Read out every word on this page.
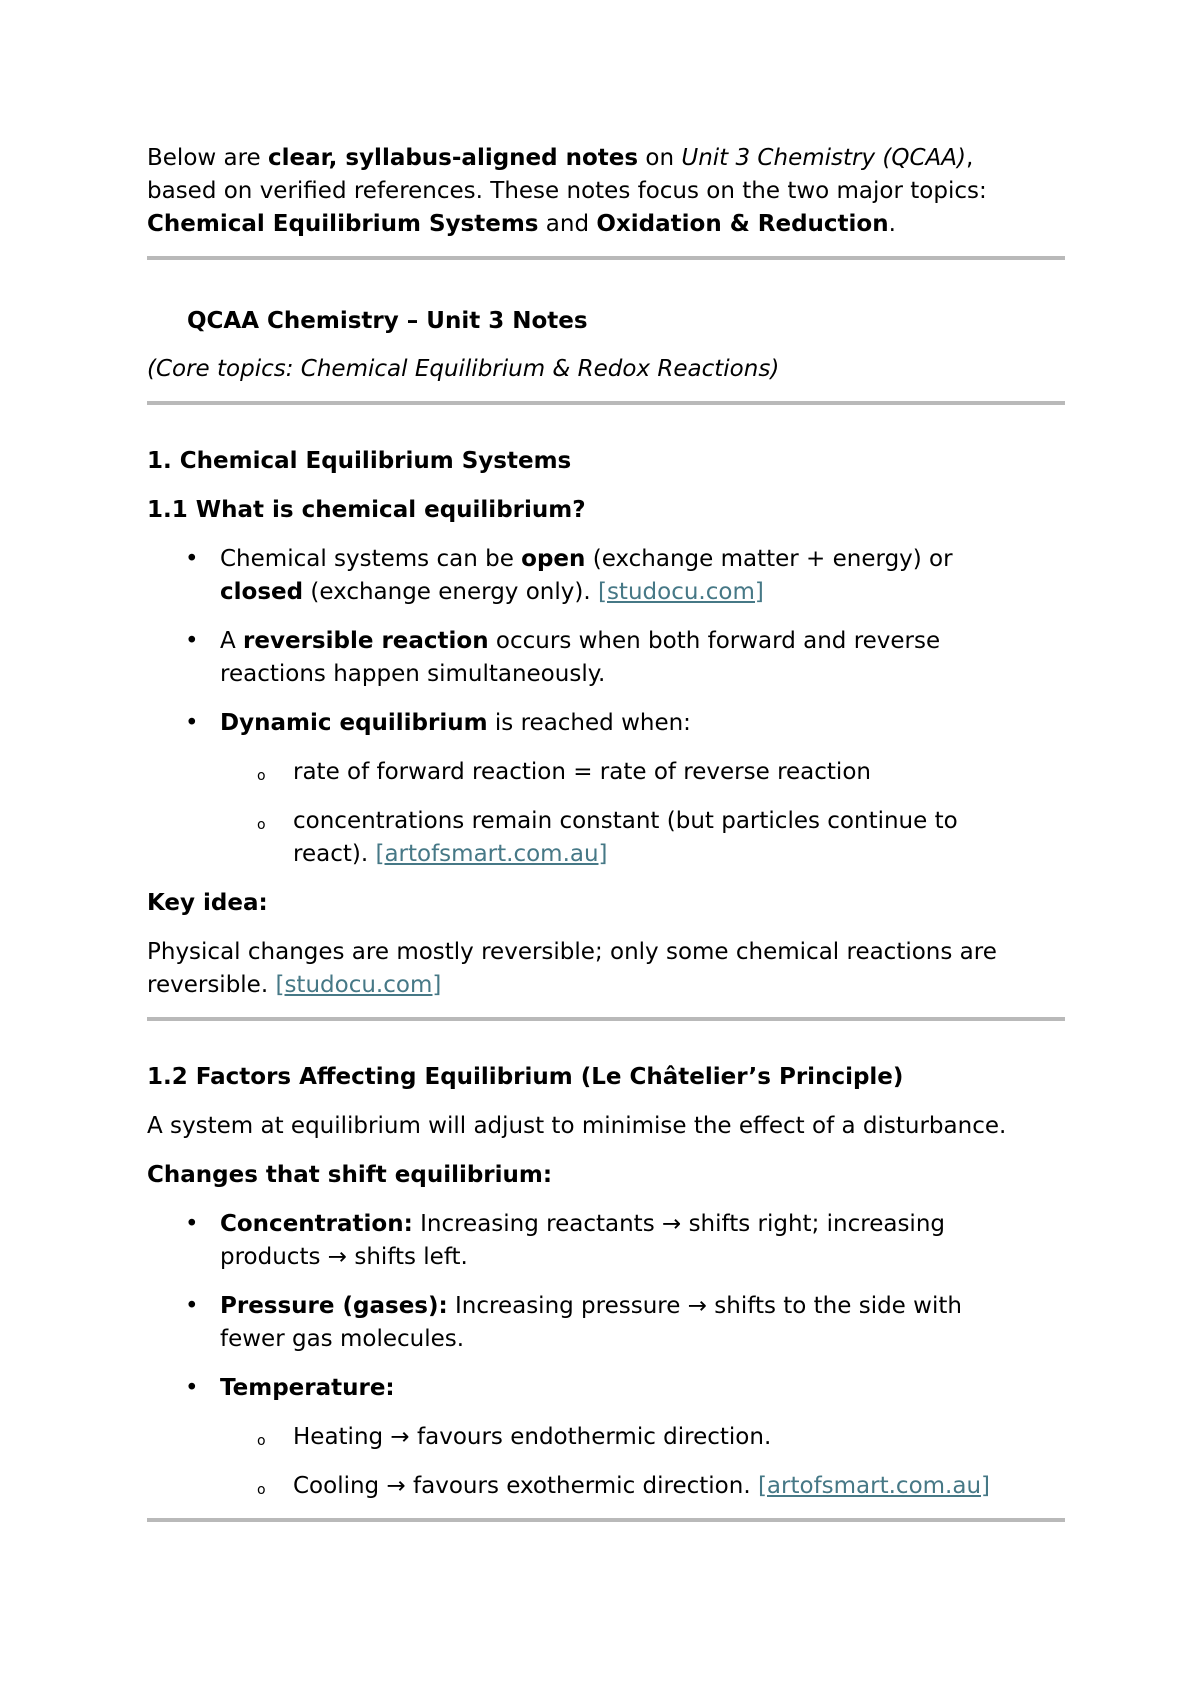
Below are clear, syllabus-aligned notes on Unit 3 Chemistry (QCAA),

based on verified references. These notes focus on the two major topics:

Chemical Equilibrium Systems and Oxidation & Reduction.

QCAA Chemistry – Unit 3 Notes

(Core topics: Chemical Equilibrium & Redox Reactions)

1. Chemical Equilibrium Systems

1.1 What is chemical equilibrium?

• Chemical systems can be open (exchange matter + energy) or
closed (exchange energy only). [studocu.com]
• A reversible reaction occurs when both forward and reverse
reactions happen simultaneously.
• Dynamic equilibrium is reached when:
o rate of forward reaction = rate of reverse reaction
o concentrations remain constant (but particles continue to
react). [artofsmart.com.au]

Key idea:

Physical changes are mostly reversible; only some chemical reactions are
reversible. [studocu.com]

1.2 Factors Affecting Equilibrium (Le Châtelier’s Principle)

A system at equilibrium will adjust to minimise the effect of a disturbance.

Changes that shift equilibrium:

• Concentration: Increasing reactants → shifts right; increasing
products → shifts left.
• Pressure (gases): Increasing pressure → shifts to the side with
fewer gas molecules.
• Temperature:
o Heating → favours endothermic direction.
o Cooling → favours exothermic direction. [artofsmart.com.au]
